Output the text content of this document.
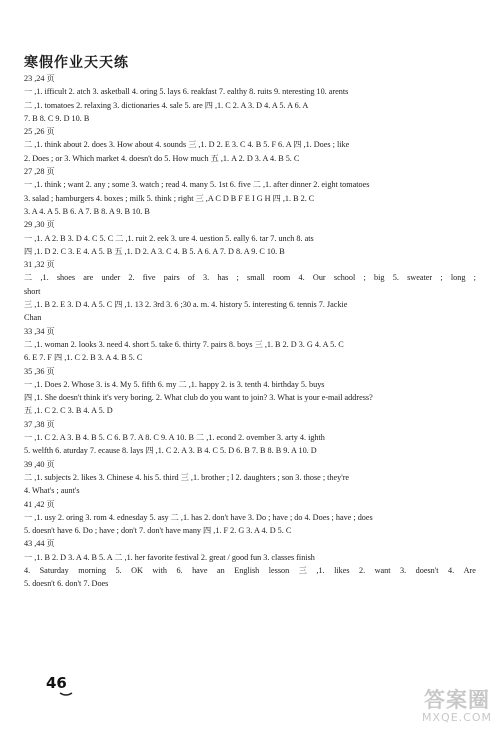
寒假作业天天练
23 ,24 页
一 ,1. ifficult 2. atch 3. asketball 4. oring 5. lays 6. reakfast 7. ealthy 8. ruits 9. nteresting 10. arents
二 ,1. tomatoes 2. relaxing 3. dictionaries 4. sale 5. are 四 ,1. C 2. A 3. D 4. A 5. A 6. A
7. B 8. C 9. D 10. B
25 ,26 页
二 ,1. think about 2. does 3. How about 4. sounds 三 ,1. D 2. E 3. C 4. B 5. F 6. A 四 ,1. Does ; like
2. Does ; or 3. Which market 4. doesn't do 5. How much 五 ,1. A 2. D 3. A 4. B 5. C
27 ,28 页
一 ,1. think ; want 2. any ; some 3. watch ; read 4. many 5. 1st 6. five 二 ,1. after dinner 2. eight tomatoes
3. salad ; hamburgers 4. boxes ; milk 5. think ; right 三 ,A C D B F E I G H 四 ,1. B 2. C
3. A 4. A 5. B 6. A 7. B 8. A 9. B 10. B
29 ,30 页
一 ,1. A 2. B 3. D 4. C 5. C 二 ,1. ruit 2. eek 3. ure 4. uestion 5. eally 6. tar 7. unch 8. ats
四 ,1. D 2. C 3. E 4. A 5. B 五 ,1. D 2. A 3. C 4. B 5. A 6. A 7. D 8. A 9. C 10. B
31 ,32 页
二 ,1. shoes are under 2. five pairs of 3. has ; small room 4. Our school ; big 5. sweater ; long ;
short
三 ,1. B 2. E 3. D 4. A 5. C 四 ,1. 13 2. 3rd 3. 6 ;30 a. m. 4. history 5. interesting 6. tennis 7. Jackie
Chan
33 ,34 页
二 ,1. woman 2. looks 3. need 4. short 5. take 6. thirty 7. pairs 8. boys 三 ,1. B 2. D 3. G 4. A 5. C
6. E 7. F 四 ,1. C 2. B 3. A 4. B 5. C
35 ,36 页
一 ,1. Does 2. Whose 3. is 4. My 5. fifth 6. my 二 ,1. happy 2. is 3. tenth 4. birthday 5. buys
四 ,1. She doesn't think it's very boring. 2. What club do you want to join? 3. What is your e-mail address?
五 ,1. C 2. C 3. B 4. A 5. D
37 ,38 页
一 ,1. C 2. A 3. B 4. B 5. C 6. B 7. A 8. C 9. A 10. B 二 ,1. econd 2. ovember 3. arty 4. ighth
5. welfth 6. aturday 7. ecause 8. lays 四 ,1. C 2. A 3. B 4. C 5. D 6. B 7. B 8. B 9. A 10. D
39 ,40 页
二 ,1. subjects 2. likes 3. Chinese 4. his 5. third 三 ,1. brother ; l 2. daughters ; son 3. those ; they're
4. What's ; aunt's
41 ,42 页
一 ,1. usy 2. oring 3. rom 4. ednesday 5. asy 二 ,1. has 2. don't have 3. Do ; have ; do 4. Does ; have ; does
5. doesn't have 6. Do ; have ; don't 7. don't have many 四 ,1. F 2. G 3. A 4. D 5. C
43 ,44 页
一 ,1. B 2. D 3. A 4. B 5. A 二 ,1. her favorite festival 2. great / good fun 3. classes finish
4. Saturday morning 5. OK with 6. have an English lesson 三 ,1. likes 2. want 3. doesn't 4. Are
5. doesn't 6. don't 7. Does
46
答案圈
MXQE.COM
